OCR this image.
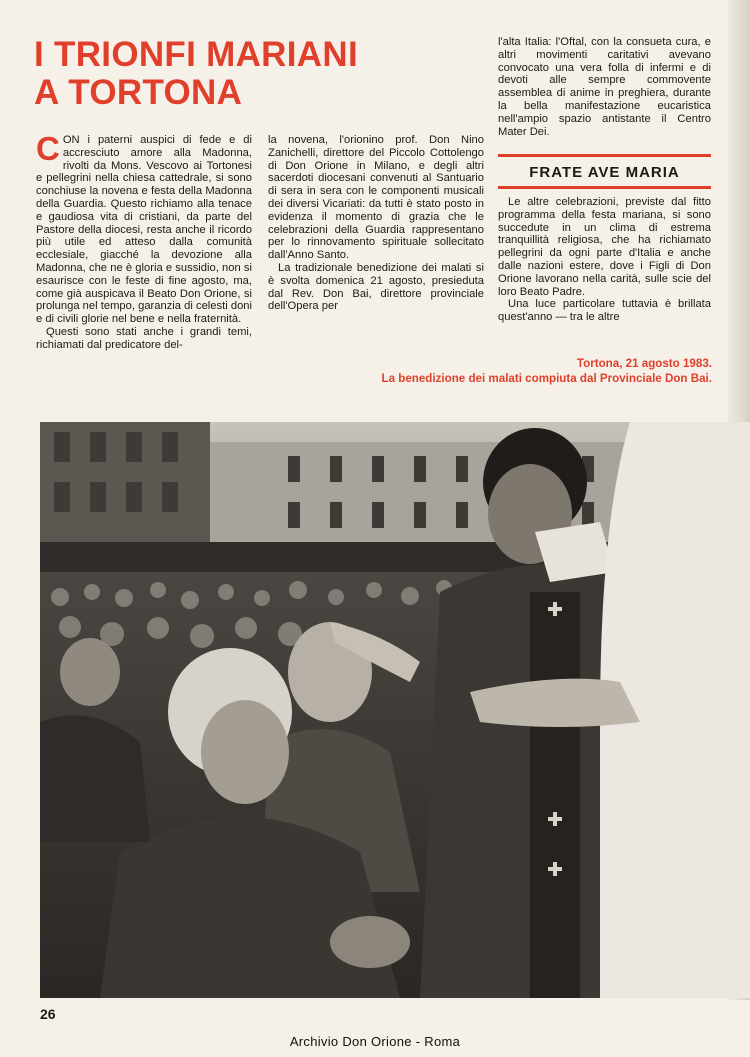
I TRIONFI MARIANI
A TORTONA

CON i paterni auspici di fede e di accresciuto amore alla Madonna, rivolti da Mons. Vescovo ai Tortonesi e pellegrini nella chiesa cattedrale, si sono conchiuse la novena e festa della Madonna della Guardia. Questo richiamo alla tenace e gaudiosa vita di cristiani, da parte del Pastore della diocesi, resta anche il ricordo più utile ed atteso dalla comunità ecclesiale, giacché la devozione alla Madonna, che ne è gloria e sussidio, non si esaurisce con le feste di fine agosto, ma, come già auspicava il Beato Don Orione, si prolunga nel tempo, garanzia di celesti doni e di civili glorie nel bene e nella fraternità.

Questi sono stati anche i grandi temi, richiamati dal predicatore del-

la novena, l'orionino prof. Don Nino Zanichelli, direttore del Piccolo Cottolengo di Don Orione in Milano, e degli altri sacerdoti diocesani convenuti al Santuario di sera in sera con le componenti musicali dei diversi Vicariati: da tutti è stato posto in evidenza il momento di grazia che le celebrazioni della Guardia rappresentano per lo rinnovamento spirituale sollecitato dall'Anno Santo.

La tradizionale benedizione dei malati si è svolta domenica 21 agosto, presieduta dal Rev. Don Bai, direttore provinciale dell'Opera per

l'alta Italia: l'Oftal, con la consueta cura, e altri movimenti caritativi avevano convocato una vera folla di infermi e di devoti alle sempre commovente assemblea di anime in preghiera, durante la bella manifestazione eucaristica nell'ampio spazio antistante il Centro Mater Dei.

FRATE AVE MARIA

Le altre celebrazioni, previste dal fitto programma della festa mariana, si sono succedute in un clima di estrema tranquillità religiosa, che ha richiamato pellegrini da ogni parte d'Italia e anche dalle nazioni estere, dove i Figli di Don Orione lavorano nella carità, sulle scie del loro Beato Padre.

Una luce particolare tuttavia è brillata quest'anno — tra le altre

Tortona, 21 agosto 1983.
La benedizione dei malati compiuta dal Provinciale Don Bai.
26
Archivio Don Orione - Roma
